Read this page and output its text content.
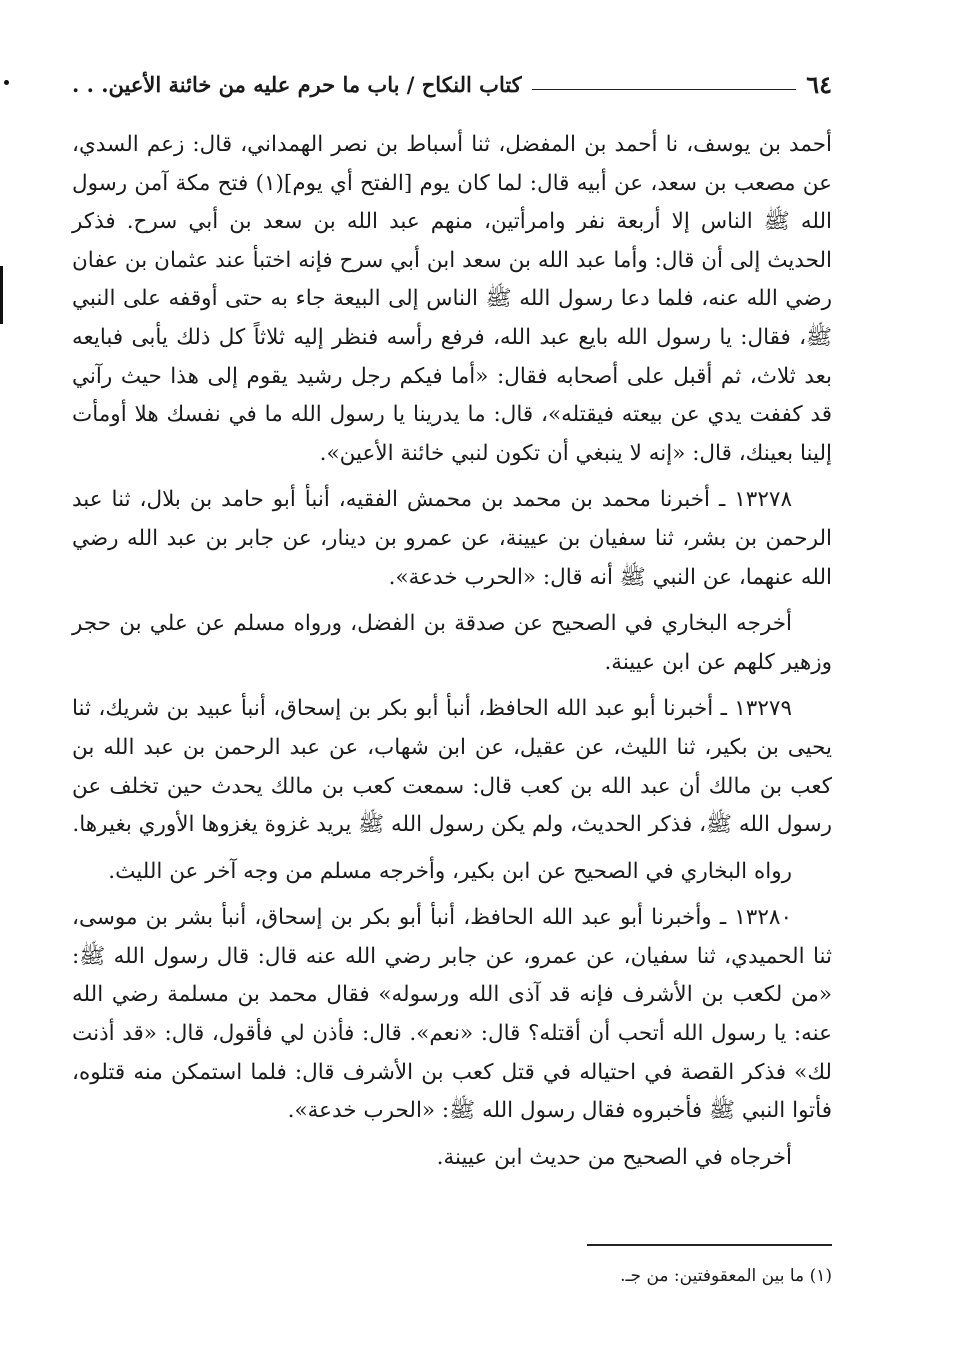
٦٤
كتاب النكاح / باب ما حرم عليه من خائنة الأعين. . .

أحمد بن يوسف، نا أحمد بن المفضل، ثنا أسباط بن نصر الهمداني، قال: زعم السدي، عن مصعب بن سعد، عن أبيه قال: لما كان يوم [الفتح أي يوم](١) فتح مكة آمن رسول الله ﷺ الناس إلا أربعة نفر وامرأتين، منهم عبد الله بن سعد بن أبي سرح. فذكر الحديث إلى أن قال: وأما عبد الله بن سعد ابن أبي سرح فإنه اختبأ عند عثمان بن عفان رضي الله عنه، فلما دعا رسول الله ﷺ الناس إلى البيعة جاء به حتى أوقفه على النبي ﷺ، فقال: يا رسول الله بايع عبد الله، فرفع رأسه فنظر إليه ثلاثاً كل ذلك يأبى فبايعه بعد ثلاث، ثم أقبل على أصحابه فقال: «أما فيكم رجل رشيد يقوم إلى هذا حيث رآني قد كففت يدي عن بيعته فيقتله»، قال: ما يدرينا يا رسول الله ما في نفسك هلا أومأت إلينا بعينك، قال: «إنه لا ينبغي أن تكون لنبي خائنة الأعين».

١٣٢٧٨ ـ أخبرنا محمد بن محمد بن محمش الفقيه، أنبأ أبو حامد بن بلال، ثنا عبد الرحمن بن بشر، ثنا سفيان بن عيينة، عن عمرو بن دينار، عن جابر بن عبد الله رضي الله عنهما، عن النبي ﷺ أنه قال: «الحرب خدعة».

أخرجه البخاري في الصحيح عن صدقة بن الفضل، ورواه مسلم عن علي بن حجر وزهير كلهم عن ابن عيينة.

١٣٢٧٩ ـ أخبرنا أبو عبد الله الحافظ، أنبأ أبو بكر بن إسحاق، أنبأ عبيد بن شريك، ثنا يحيى بن بكير، ثنا الليث، عن عقيل، عن ابن شهاب، عن عبد الرحمن بن عبد الله بن كعب بن مالك أن عبد الله بن كعب قال: سمعت كعب بن مالك يحدث حين تخلف عن رسول الله ﷺ، فذكر الحديث، ولم يكن رسول الله ﷺ يريد غزوة يغزوها الأوري بغيرها.

رواه البخاري في الصحيح عن ابن بكير، وأخرجه مسلم من وجه آخر عن الليث.

١٣٢٨٠ ـ وأخبرنا أبو عبد الله الحافظ، أنبأ أبو بكر بن إسحاق، أنبأ بشر بن موسى، ثنا الحميدي، ثنا سفيان، عن عمرو، عن جابر رضي الله عنه قال: قال رسول الله ﷺ: «من لكعب بن الأشرف فإنه قد آذى الله ورسوله» فقال محمد بن مسلمة رضي الله عنه: يا رسول الله أتحب أن أقتله؟ قال: «نعم». قال: فأذن لي فأقول، قال: «قد أذنت لك» فذكر القصة في احتياله في قتل كعب بن الأشرف قال: فلما استمكن منه قتلوه، فأتوا النبي ﷺ فأخبروه فقال رسول الله ﷺ: «الحرب خدعة».

أخرجاه في الصحيح من حديث ابن عيينة.

(١) ما بين المعقوفتين: من جـ.
